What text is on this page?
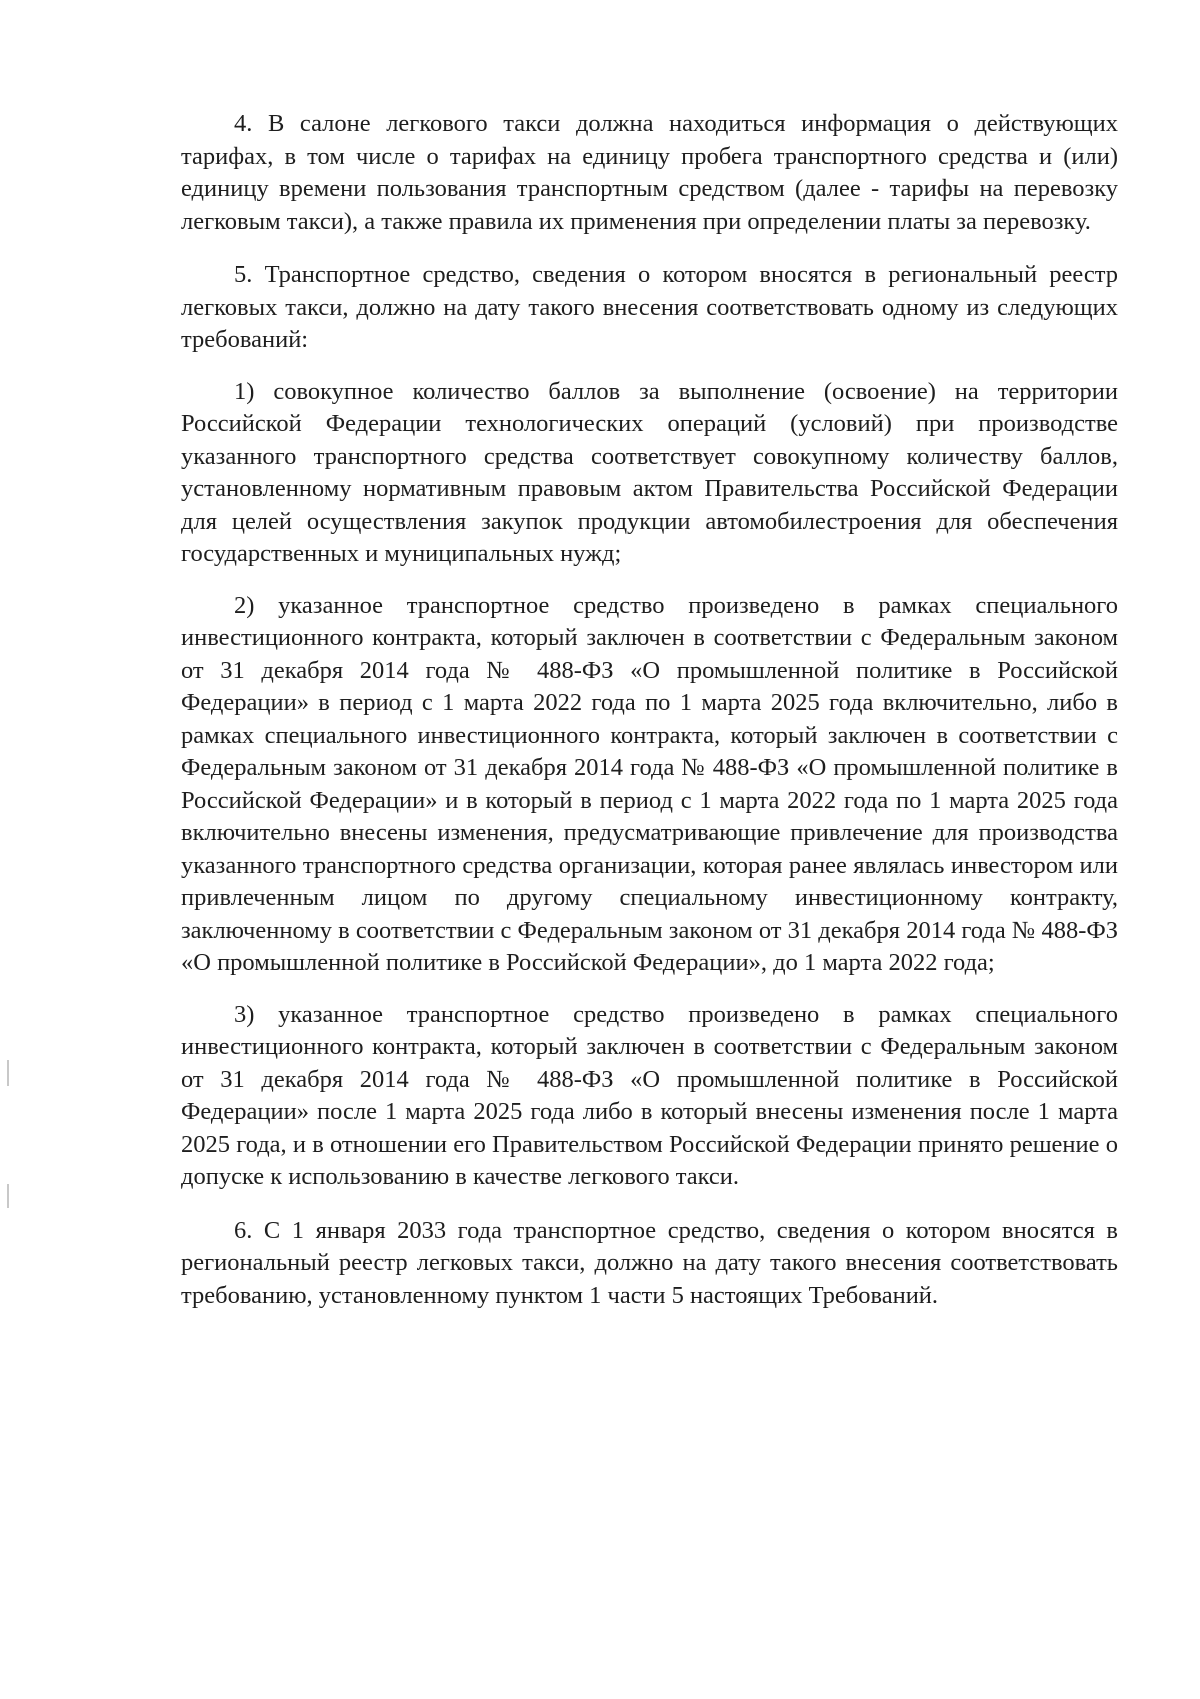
4. В салоне легкового такси должна находиться информация о действующих тарифах, в том числе о тарифах на единицу пробега транспортного средства и (или) единицу времени пользования транспортным средством (далее - тарифы на перевозку легковым такси), а также правила их применения при определении платы за перевозку.

5. Транспортное средство, сведения о котором вносятся в региональный реестр легковых такси, должно на дату такого внесения соответствовать одному из следующих требований:

1) совокупное количество баллов за выполнение (освоение) на территории Российской Федерации технологических операций (условий) при производстве указанного транспортного средства соответствует совокупному количеству баллов, установленному нормативным правовым актом Правительства Российской Федерации для целей осуществления закупок продукции автомобилестроения для обеспечения государственных и муниципальных нужд;

2) указанное транспортное средство произведено в рамках специального инвестиционного контракта, который заключен в соответствии с Федеральным законом от 31 декабря 2014 года № 488-ФЗ «О промышленной политике в Российской Федерации» в период с 1 марта 2022 года по 1 марта 2025 года включительно, либо в рамках специального инвестиционного контракта, который заключен в соответствии с Федеральным законом от 31 декабря 2014 года № 488-ФЗ «О промышленной политике в Российской Федерации» и в который в период с 1 марта 2022 года по 1 марта 2025 года включительно внесены изменения, предусматривающие привлечение для производства указанного транспортного средства организации, которая ранее являлась инвестором или привлеченным лицом по другому специальному инвестиционному контракту, заключенному в соответствии с Федеральным законом от 31 декабря 2014 года № 488-ФЗ «О промышленной политике в Российской Федерации», до 1 марта 2022 года;

3) указанное транспортное средство произведено в рамках специального инвестиционного контракта, который заключен в соответствии с Федеральным законом от 31 декабря 2014 года № 488-ФЗ «О промышленной политике в Российской Федерации» после 1 марта 2025 года либо в который внесены изменения после 1 марта 2025 года, и в отношении его Правительством Российской Федерации принято решение о допуске к использованию в качестве легкового такси.

6. С 1 января 2033 года транспортное средство, сведения о котором вносятся в региональный реестр легковых такси, должно на дату такого внесения соответствовать требованию, установленному пунктом 1 части 5 настоящих Требований.
